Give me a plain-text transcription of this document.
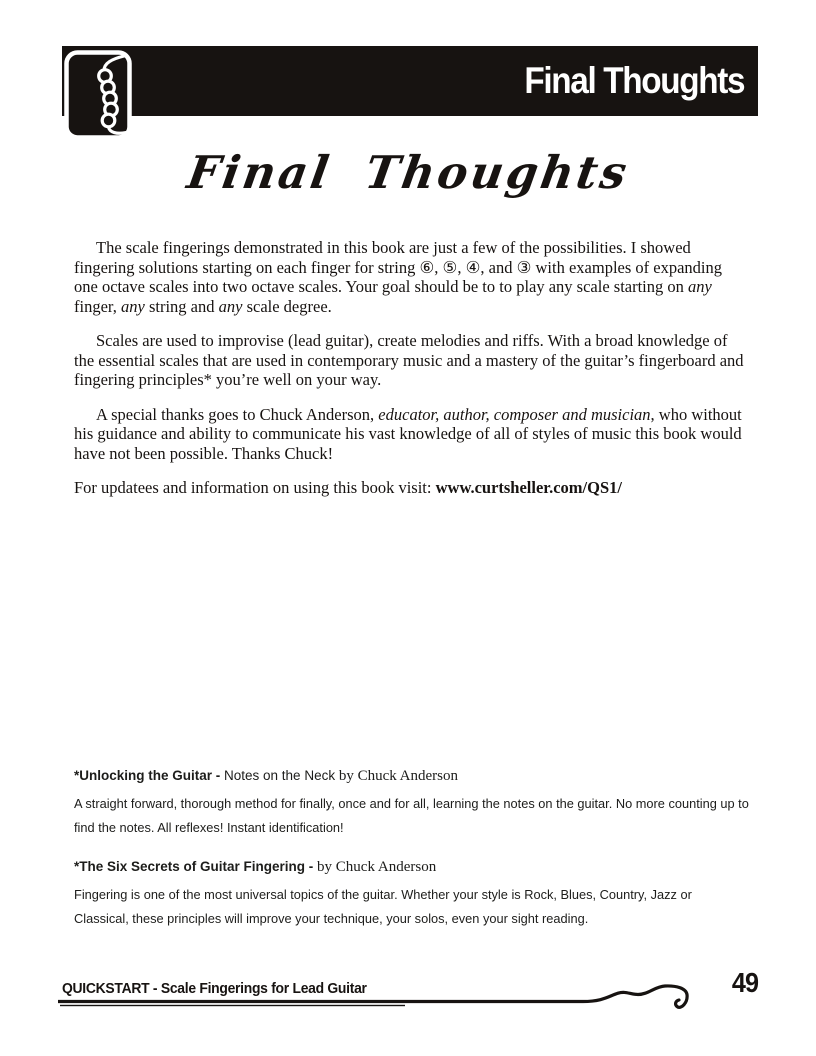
Final Thoughts
Final Thoughts

The scale fingerings demonstrated in this book are just a few of the possibilities. I showed fingering solutions starting on each finger for string ⑥, ⑤, ④, and ③ with examples of expanding one octave scales into two octave scales. Your goal should be to to play any scale starting on any finger, any string and any scale degree.

Scales are used to improvise (lead guitar), create melodies and riffs. With a broad knowledge of the essential scales that are used in contemporary music and a mastery of the guitar’s fingerboard and fingering principles* you’re well on your way.

A special thanks goes to Chuck Anderson, educator, author, composer and musician, who without his guidance and ability to communicate his vast knowledge of all of styles of music this book would have not been possible. Thanks Chuck!

For updatees and information on using this book visit: www.curtsheller.com/QS1/

*Unlocking the Guitar - Notes on the Neck by Chuck Anderson
A straight forward, thorough method for finally, once and for all, learning the notes on the guitar. No more counting up to find the notes. All reflexes! Instant identification!
*The Six Secrets of Guitar Fingering - by Chuck Anderson
Fingering is one of the most universal topics of the guitar. Whether your style is Rock, Blues, Country, Jazz or Classical, these principles will improve your technique, your solos, even your sight reading.
QUICKSTART - Scale Fingerings for Lead Guitar	49
